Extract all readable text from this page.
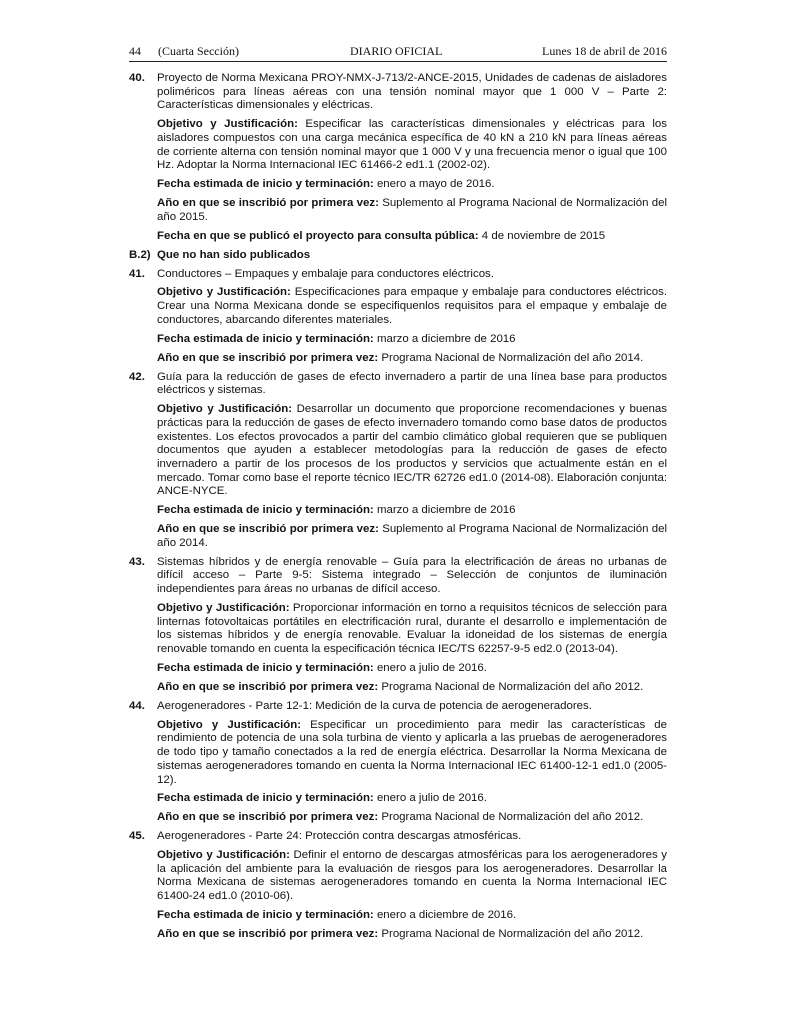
44 (Cuarta Sección)	DIARIO OFICIAL	Lunes 18 de abril de 2016
40. Proyecto de Norma Mexicana PROY-NMX-J-713/2-ANCE-2015, Unidades de cadenas de aisladores poliméricos para líneas aéreas con una tensión nominal mayor que 1 000 V – Parte 2: Características dimensionales y eléctricas.

Objetivo y Justificación: Especificar las características dimensionales y eléctricas para los aisladores compuestos con una carga mecánica específica de 40 kN a 210 kN para líneas aéreas de corriente alterna con tensión nominal mayor que 1 000 V y una frecuencia menor o igual que 100 Hz. Adoptar la Norma Internacional IEC 61466-2 ed1.1 (2002-02).

Fecha estimada de inicio y terminación: enero a mayo de 2016.

Año en que se inscribió por primera vez: Suplemento al Programa Nacional de Normalización del año 2015.

Fecha en que se publicó el proyecto para consulta pública: 4 de noviembre de 2015

B.2) Que no han sido publicados
41. Conductores – Empaques y embalaje para conductores eléctricos.

Objetivo y Justificación: Especificaciones para empaque y embalaje para conductores eléctricos. Crear una Norma Mexicana donde se especifiquenlos requisitos para el empaque y embalaje de conductores, abarcando diferentes materiales.

Fecha estimada de inicio y terminación: marzo a diciembre de 2016

Año en que se inscribió por primera vez: Programa Nacional de Normalización del año 2014.

42. Guía para la reducción de gases de efecto invernadero a partir de una línea base para productos eléctricos y sistemas.

Objetivo y Justificación: Desarrollar un documento que proporcione recomendaciones y buenas prácticas para la reducción de gases de efecto invernadero tomando como base datos de productos existentes. Los efectos provocados a partir del cambio climático global requieren que se publiquen documentos que ayuden a establecer metodologías para la reducción de gases de efecto invernadero a partir de los procesos de los productos y servicios que actualmente están en el mercado. Tomar como base el reporte técnico IEC/TR 62726 ed1.0 (2014-08). Elaboración conjunta: ANCE-NYCE.

Fecha estimada de inicio y terminación: marzo a diciembre de 2016

Año en que se inscribió por primera vez: Suplemento al Programa Nacional de Normalización del año 2014.

43. Sistemas híbridos y de energía renovable – Guía para la electrificación de áreas no urbanas de difícil acceso – Parte 9-5: Sistema integrado – Selección de conjuntos de iluminación independientes para áreas no urbanas de difícil acceso.

Objetivo y Justificación: Proporcionar información en torno a requisitos técnicos de selección para linternas fotovoltaicas portátiles en electrificación rural, durante el desarrollo e implementación de los sistemas híbridos y de energía renovable. Evaluar la idoneidad de los sistemas de energía renovable tomando en cuenta la especificación técnica IEC/TS 62257-9-5 ed2.0 (2013-04).

Fecha estimada de inicio y terminación: enero a julio de 2016.

Año en que se inscribió por primera vez: Programa Nacional de Normalización del año 2012.

44. Aerogeneradores - Parte 12-1: Medición de la curva de potencia de aerogeneradores.

Objetivo y Justificación: Especificar un procedimiento para medir las características de rendimiento de potencia de una sola turbina de viento y aplicarla a las pruebas de aerogeneradores de todo tipo y tamaño conectados a la red de energía eléctrica. Desarrollar la Norma Mexicana de sistemas aerogeneradores tomando en cuenta la Norma Internacional IEC 61400-12-1 ed1.0 (2005-12).

Fecha estimada de inicio y terminación: enero a julio de 2016.

Año en que se inscribió por primera vez: Programa Nacional de Normalización del año 2012.

45. Aerogeneradores - Parte 24: Protección contra descargas atmosféricas.

Objetivo y Justificación: Definir el entorno de descargas atmosféricas para los aerogeneradores y la aplicación del ambiente para la evaluación de riesgos para los aerogeneradores. Desarrollar la Norma Mexicana de sistemas aerogeneradores tomando en cuenta la Norma Internacional IEC 61400-24 ed1.0 (2010-06).

Fecha estimada de inicio y terminación: enero a diciembre de 2016.

Año en que se inscribió por primera vez: Programa Nacional de Normalización del año 2012.
